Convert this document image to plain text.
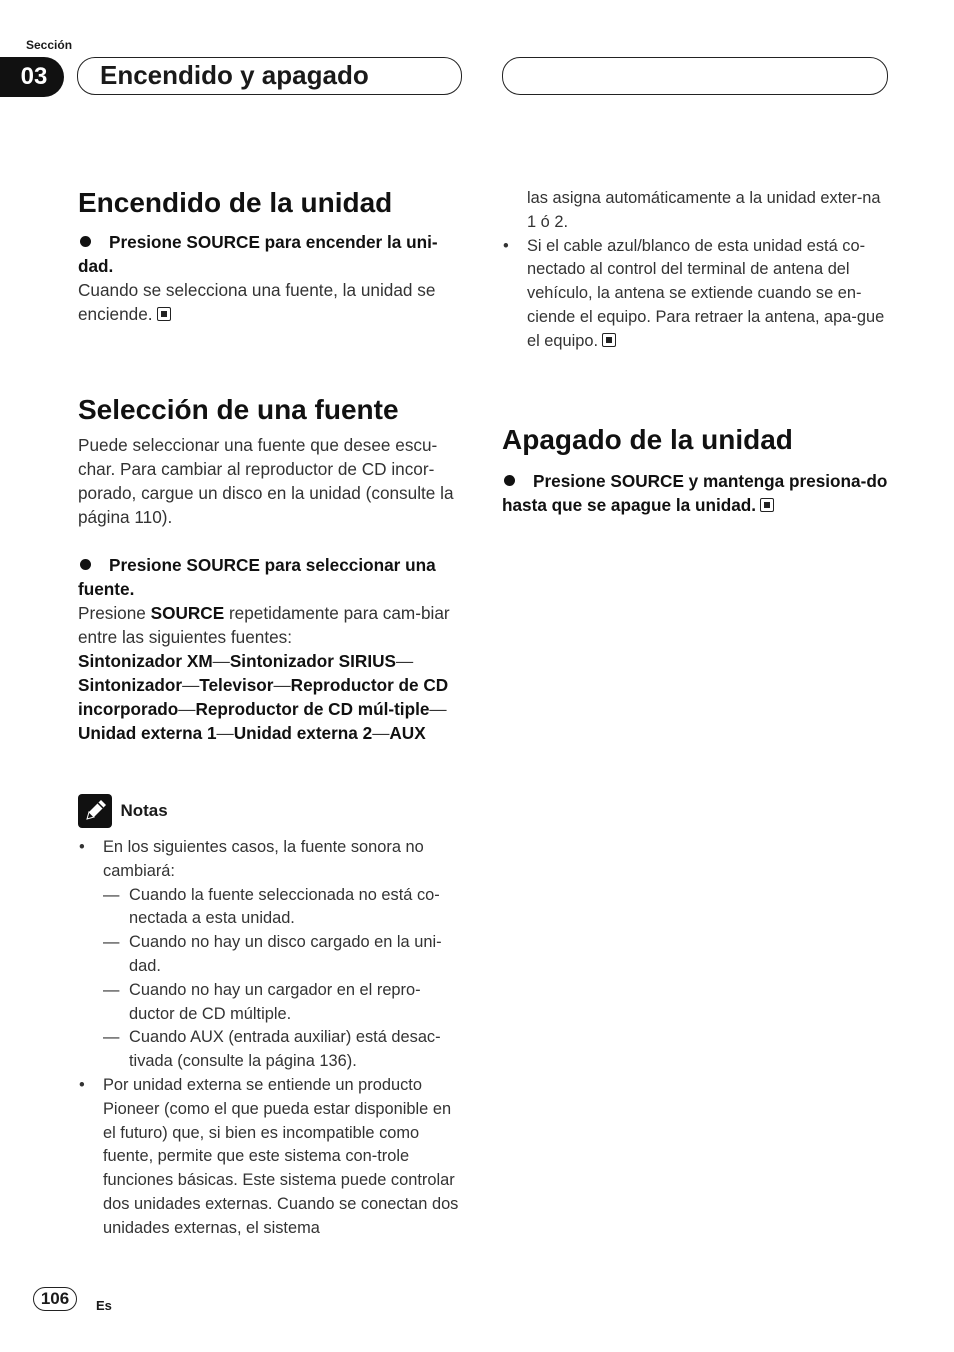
Sección
03	Encendido y apagado
Encendido de la unidad

Presione SOURCE para encender la uni-dad.

Cuando se selecciona una fuente, la unidad se enciende.

Selección de una fuente

Puede seleccionar una fuente que desee escu-char. Para cambiar al reproductor de CD incor-porado, cargue un disco en la unidad (consulte la página 110).

Presione SOURCE para seleccionar una fuente.

Presione SOURCE repetidamente para cam-biar entre las siguientes fuentes:

Sintonizador XM—Sintonizador SIRIUS—Sintonizador—Televisor—Reproductor de CD incorporado—Reproductor de CD múl-tiple—Unidad externa 1—Unidad externa 2—AUX

Notas
• En los siguientes casos, la fuente sonora no cambiará:
— Cuando la fuente seleccionada no está co-nectada a esta unidad.
— Cuando no hay un disco cargado en la uni-dad.
— Cuando no hay un cargador en el repro-ductor de CD múltiple.
— Cuando AUX (entrada auxiliar) está desac-tivada (consulte la página 136).
• Por unidad externa se entiende un producto Pioneer (como el que pueda estar disponible en el futuro) que, si bien es incompatible como fuente, permite que este sistema con-trole funciones básicas. Este sistema puede controlar dos unidades externas. Cuando se conectan dos unidades externas, el sistema
las asigna automáticamente a la unidad exter-na 1 ó 2.
• Si el cable azul/blanco de esta unidad está co-nectado al control del terminal de antena del vehículo, la antena se extiende cuando se en-ciende el equipo. Para retraer la antena, apa-gue el equipo.
Apagado de la unidad

Presione SOURCE y mantenga presiona-do hasta que se apague la unidad.

106	Es
